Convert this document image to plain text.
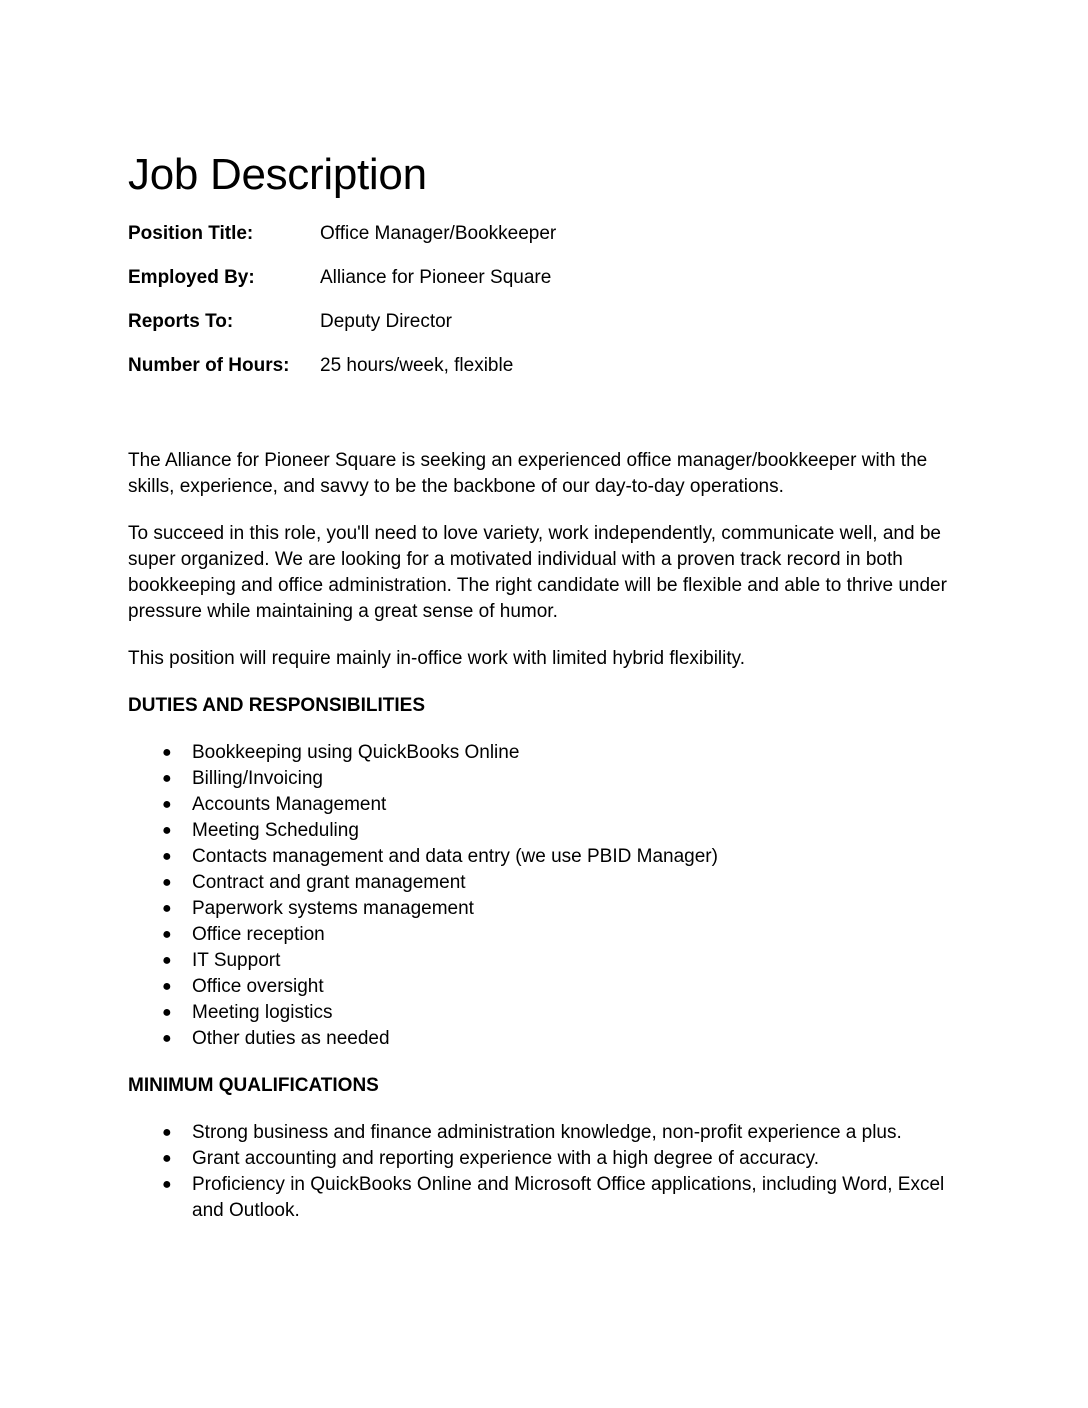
Job Description
Position Title:	Office Manager/Bookkeeper
Employed By:	Alliance for Pioneer Square
Reports To:	Deputy Director
Number of Hours:	25 hours/week, flexible

The Alliance for Pioneer Square is seeking an experienced office manager/bookkeeper with the skills, experience, and savvy to be the backbone of our day-to-day operations.

To succeed in this role, you'll need to love variety, work independently, communicate well, and be super organized. We are looking for a motivated individual with a proven track record in both bookkeeping and office administration. The right candidate will be flexible and able to thrive under pressure while maintaining a great sense of humor.

This position will require mainly in-office work with limited hybrid flexibility.

DUTIES AND RESPONSIBILITIES
● Bookkeeping using QuickBooks Online
● Billing/Invoicing
● Accounts Management
● Meeting Scheduling
● Contacts management and data entry (we use PBID Manager)
● Contract and grant management
● Paperwork systems management
● Office reception
● IT Support
● Office oversight
● Meeting logistics
● Other duties as needed
MINIMUM QUALIFICATIONS
● Strong business and finance administration knowledge, non-profit experience a plus.
● Grant accounting and reporting experience with a high degree of accuracy.
● Proficiency in QuickBooks Online and Microsoft Office applications, including Word, Excel and Outlook.
